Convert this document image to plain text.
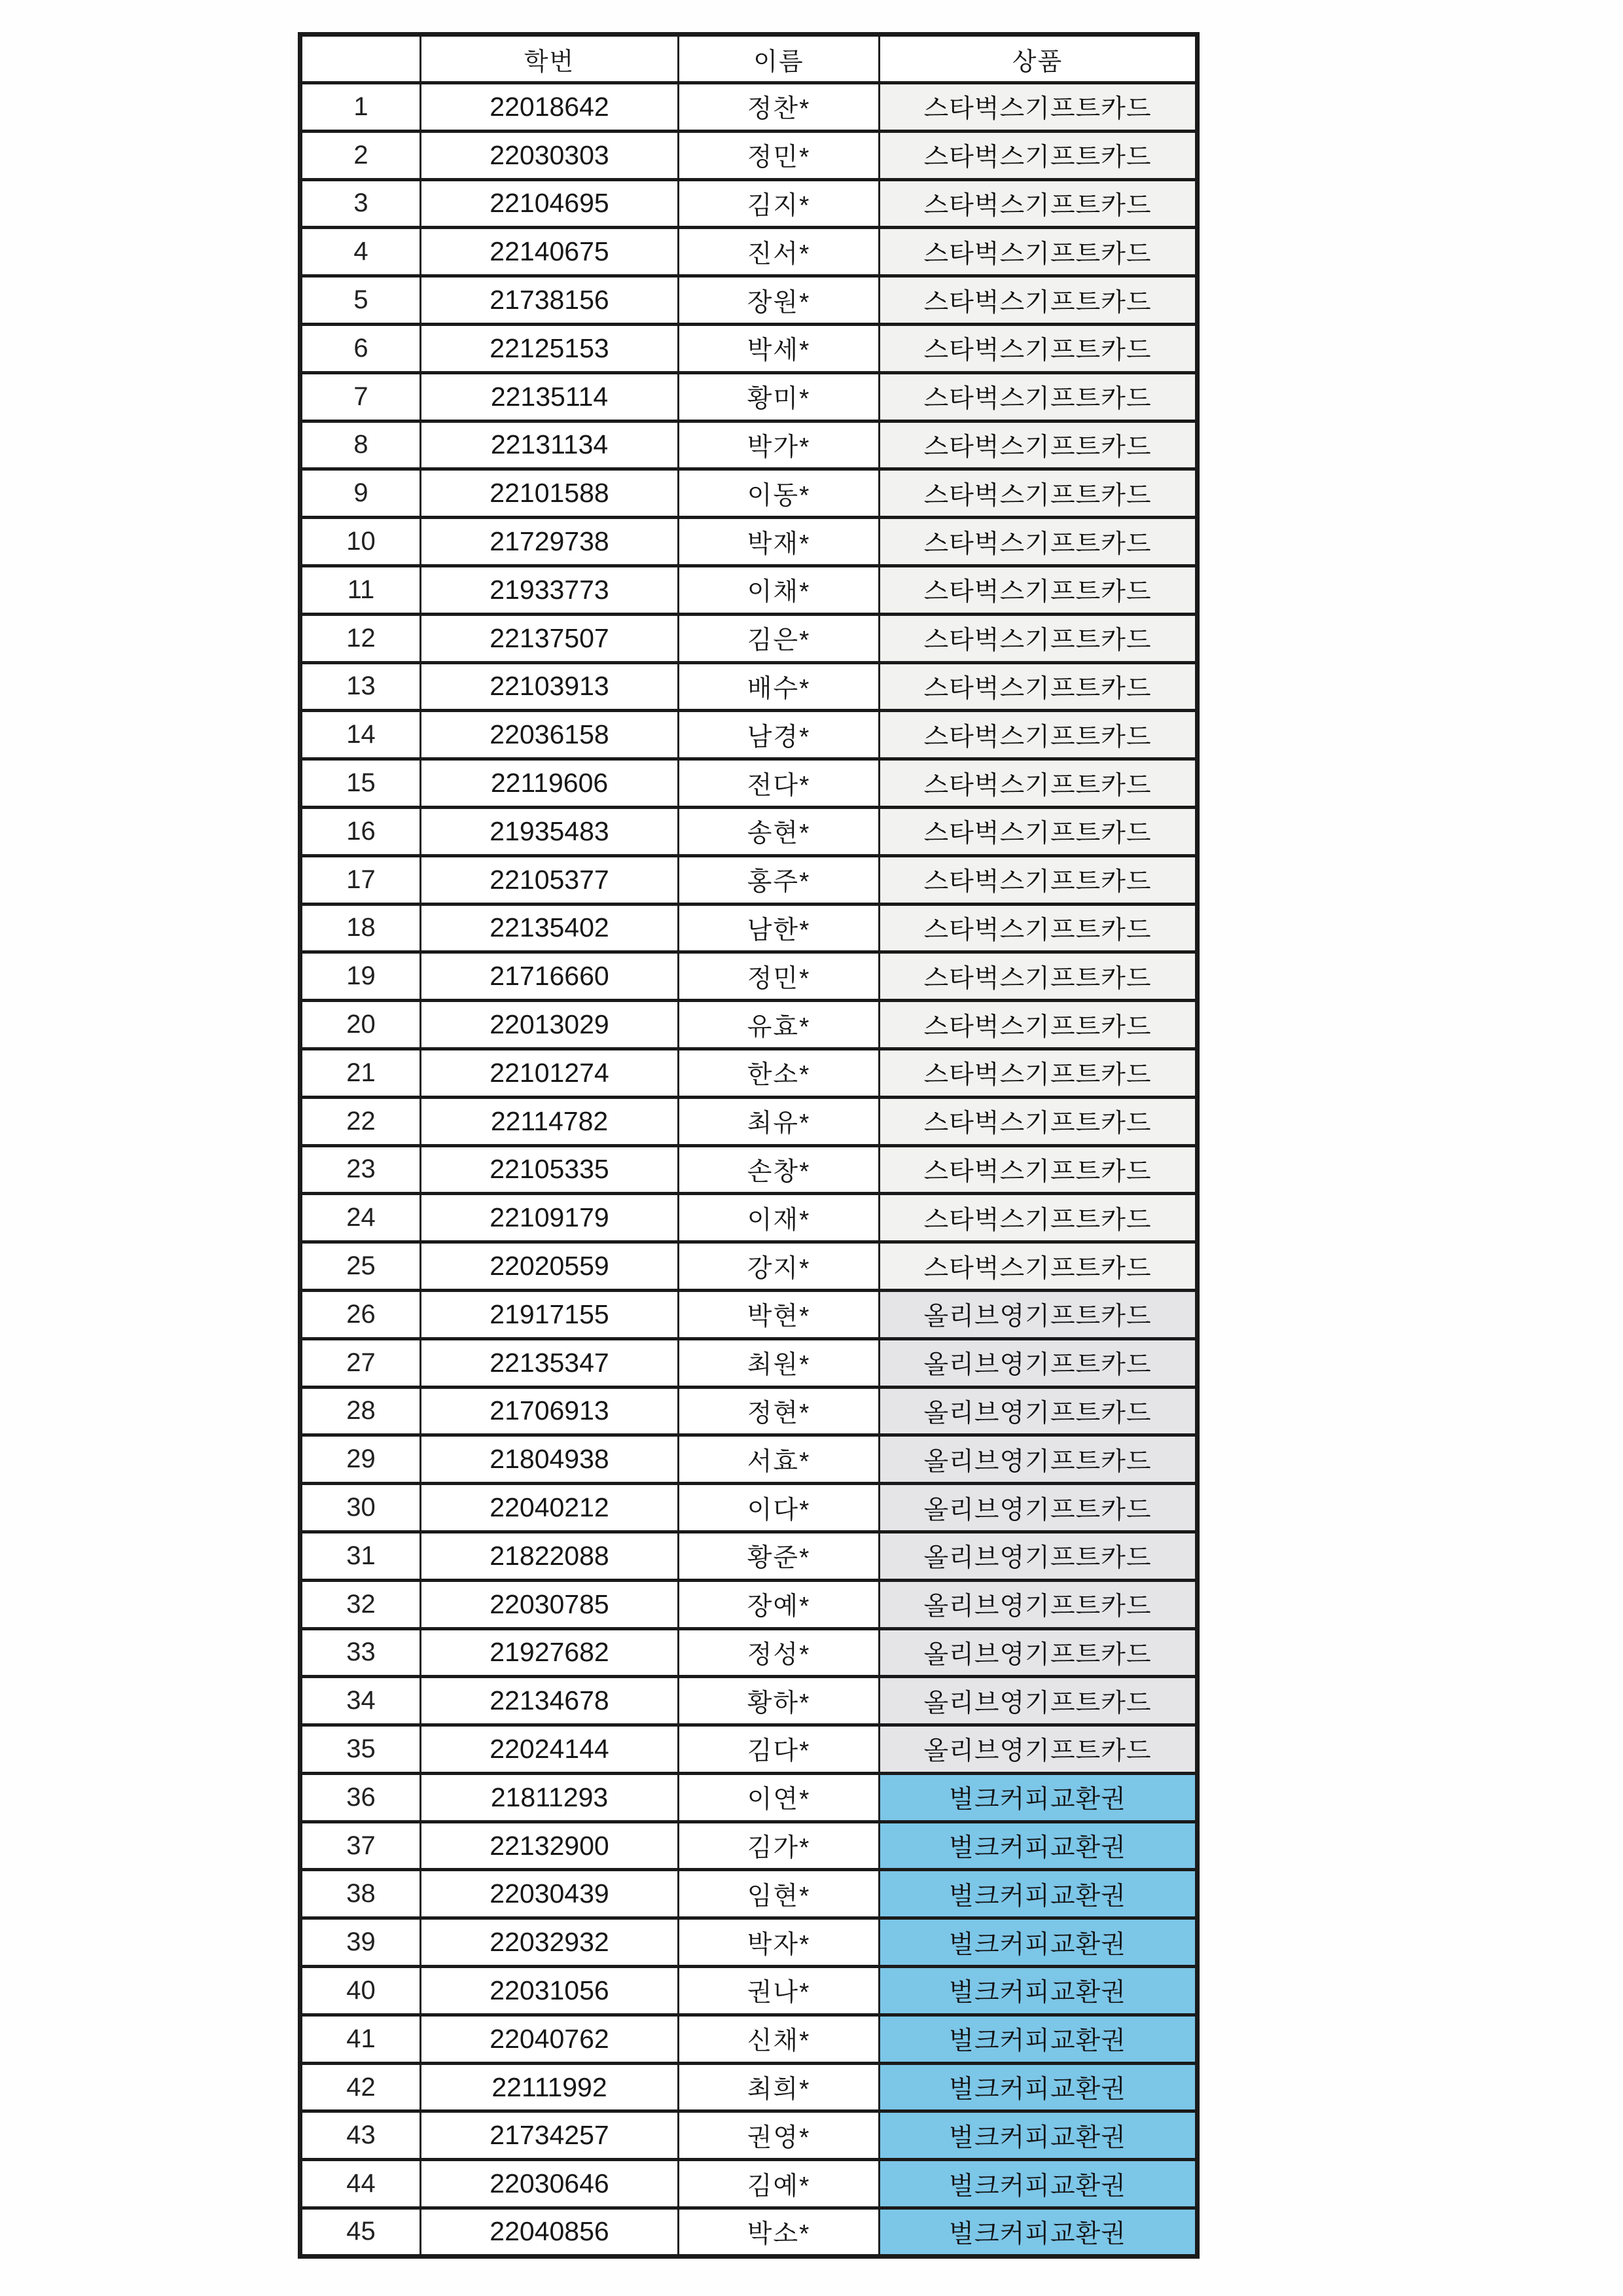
	학번	이름	상품
1	22018642	정찬*	스타벅스기프트카드
2	22030303	정민*	스타벅스기프트카드
3	22104695	김지*	스타벅스기프트카드
4	22140675	진서*	스타벅스기프트카드
5	21738156	장원*	스타벅스기프트카드
6	22125153	박세*	스타벅스기프트카드
7	22135114	황미*	스타벅스기프트카드
8	22131134	박가*	스타벅스기프트카드
9	22101588	이동*	스타벅스기프트카드
10	21729738	박재*	스타벅스기프트카드
11	21933773	이채*	스타벅스기프트카드
12	22137507	김은*	스타벅스기프트카드
13	22103913	배수*	스타벅스기프트카드
14	22036158	남경*	스타벅스기프트카드
15	22119606	전다*	스타벅스기프트카드
16	21935483	송현*	스타벅스기프트카드
17	22105377	홍주*	스타벅스기프트카드
18	22135402	남한*	스타벅스기프트카드
19	21716660	정민*	스타벅스기프트카드
20	22013029	유효*	스타벅스기프트카드
21	22101274	한소*	스타벅스기프트카드
22	22114782	최유*	스타벅스기프트카드
23	22105335	손창*	스타벅스기프트카드
24	22109179	이재*	스타벅스기프트카드
25	22020559	강지*	스타벅스기프트카드
26	21917155	박현*	올리브영기프트카드
27	22135347	최원*	올리브영기프트카드
28	21706913	정현*	올리브영기프트카드
29	21804938	서효*	올리브영기프트카드
30	22040212	이다*	올리브영기프트카드
31	21822088	황준*	올리브영기프트카드
32	22030785	장예*	올리브영기프트카드
33	21927682	정성*	올리브영기프트카드
34	22134678	황하*	올리브영기프트카드
35	22024144	김다*	올리브영기프트카드
36	21811293	이연*	벌크커피교환권
37	22132900	김가*	벌크커피교환권
38	22030439	임현*	벌크커피교환권
39	22032932	박자*	벌크커피교환권
40	22031056	권나*	벌크커피교환권
41	22040762	신채*	벌크커피교환권
42	22111992	최희*	벌크커피교환권
43	21734257	권영*	벌크커피교환권
44	22030646	김예*	벌크커피교환권
45	22040856	박소*	벌크커피교환권
